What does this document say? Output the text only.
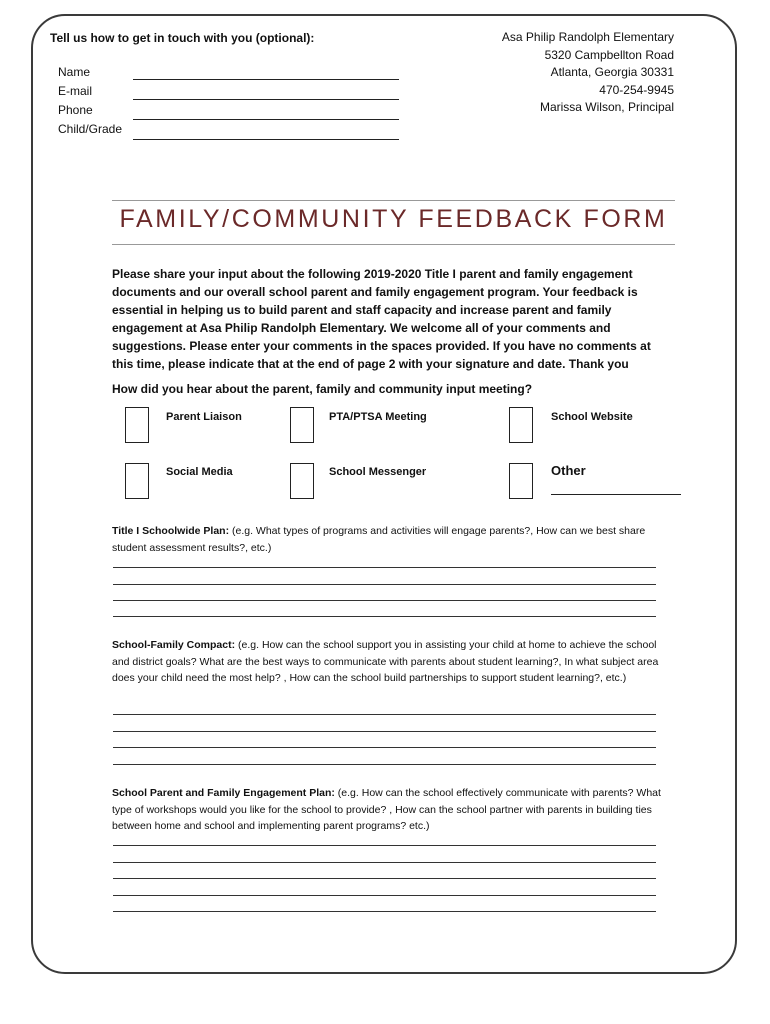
Tell us how to get in touch with you (optional):
Name
E-mail
Phone
Child/Grade
Asa Philip Randolph Elementary
5320 Campbellton Road
Atlanta, Georgia 30331
470-254-9945
Marissa Wilson, Principal
FAMILY/COMMUNITY FEEDBACK FORM
Please share your input about the following 2019-2020 Title I parent and family engagement documents and our overall school parent and family engagement program. Your feedback is essential in helping us to build parent and staff capacity and increase parent and family engagement at Asa Philip Randolph Elementary. We welcome all of your comments and suggestions. Please enter your comments in the spaces provided. If you have no comments at this time, please indicate that at the end of page 2 with your signature and date. Thank you
How did you hear about the parent, family and community input meeting?
Parent Liaison	PTA/PTSA Meeting	School Website
Social Media	School Messenger	Other
Title I Schoolwide Plan: (e.g. What types of programs and activities will engage parents?, How can we best share student assessment results?, etc.)
School-Family Compact: (e.g. How can the school support you in assisting your child at home to achieve the school and district goals? What are the best ways to communicate with parents about student learning?, In what subject area does your child need the most help? , How can the school build partnerships to support student learning?, etc.)
School Parent and Family Engagement Plan: (e.g. How can the school effectively communicate with parents? What type of workshops would you like for the school to provide? , How can the school partner with parents in building ties between home and school and implementing parent programs? etc.)
